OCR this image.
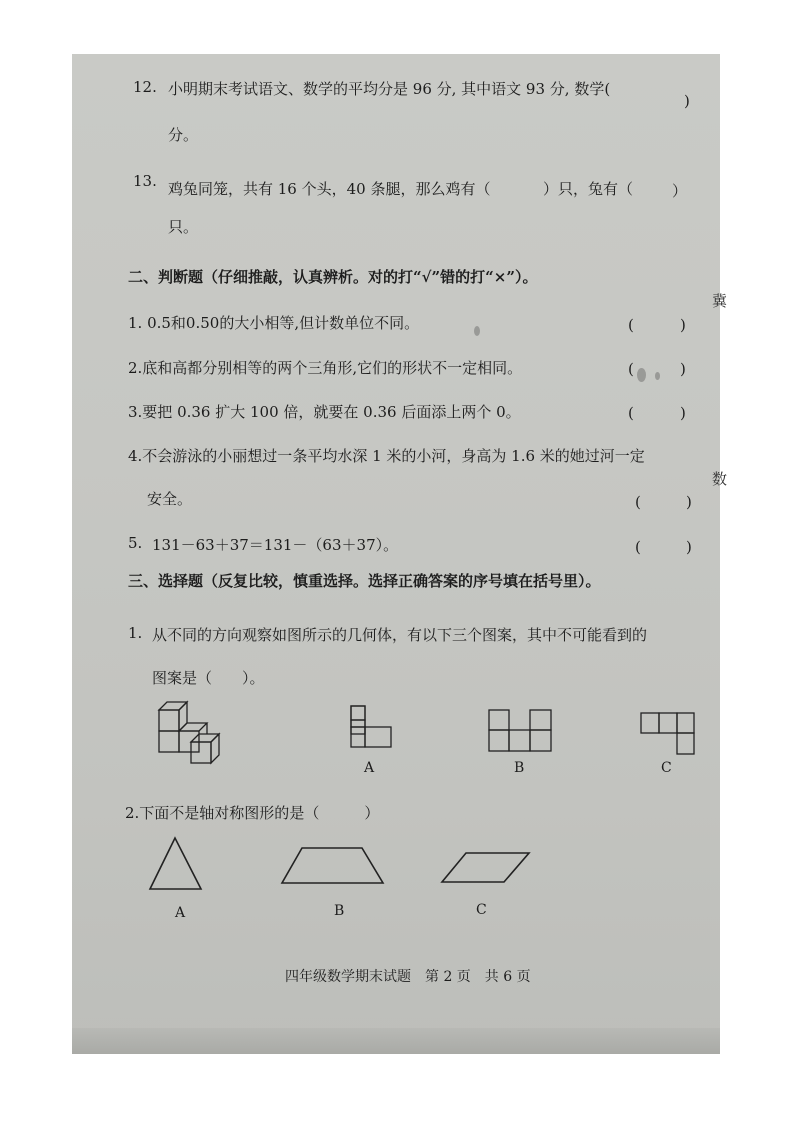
冀
数
12. 小明期末考试语文、数学的平均分是 96 分, 其中语文 93 分, 数学(
)
分。
13. 鸡兔同笼，共有 16 个头，40 条腿，那么鸡有（	）只，兔有（	）
只。
二、判断题（仔细推敲，认真辨析。对的打“√”错的打“×”）。
1. 0.5和0.50的大小相等,但计数单位不同。	(	)
2.底和高都分别相等的两个三角形,它们的形状不一定相同。	(	)
3.要把 0.36 扩大 100 倍，就要在 0.36 后面添上两个 0。	(	)
4.不会游泳的小丽想过一条平均水深 1 米的小河，身高为 1.6 米的她过河一定
安全。	(	)
5. 131－63＋37＝131－（63＋37）。	(	)
三、选择题（反复比较，慎重选择。选择正确答案的序号填在括号里）。
1. 从不同的方向观察如图所示的几何体，有以下三个图案，其中不可能看到的
图案是（　　）。
A	B	C
2.下面不是轴对称图形的是（　　　）
A	B	C
四年级数学期末试题　第 2 页　共 6 页
